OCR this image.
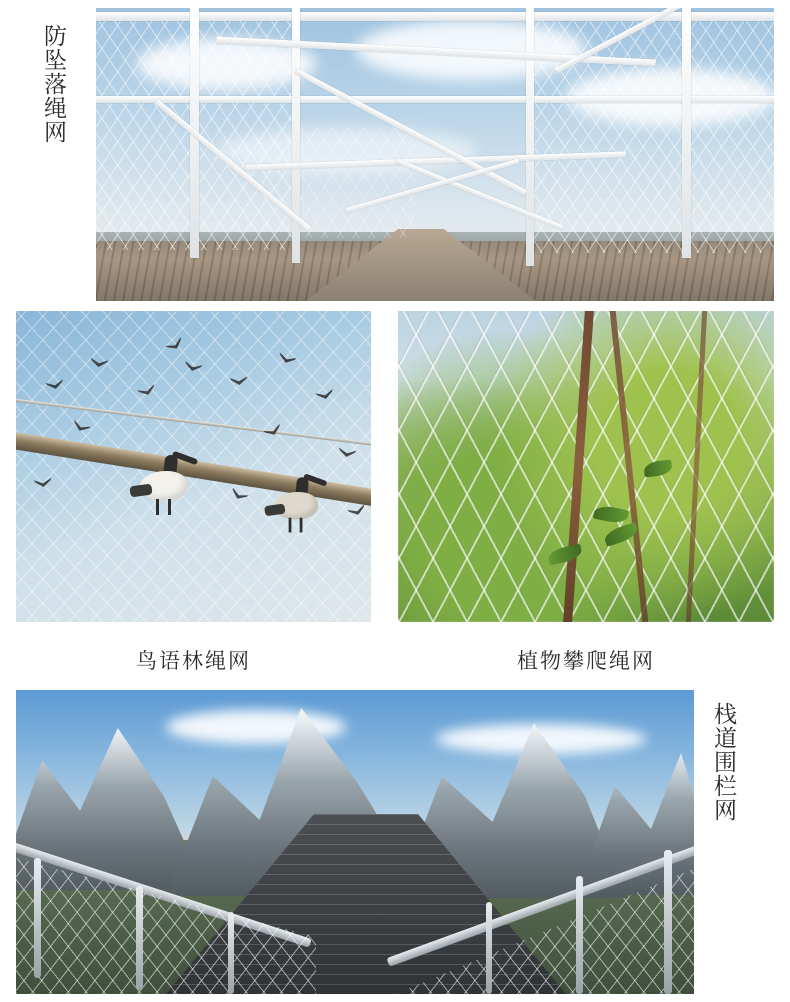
防坠落绳网
鸟语林绳网	植物攀爬绳网
栈道围栏网
